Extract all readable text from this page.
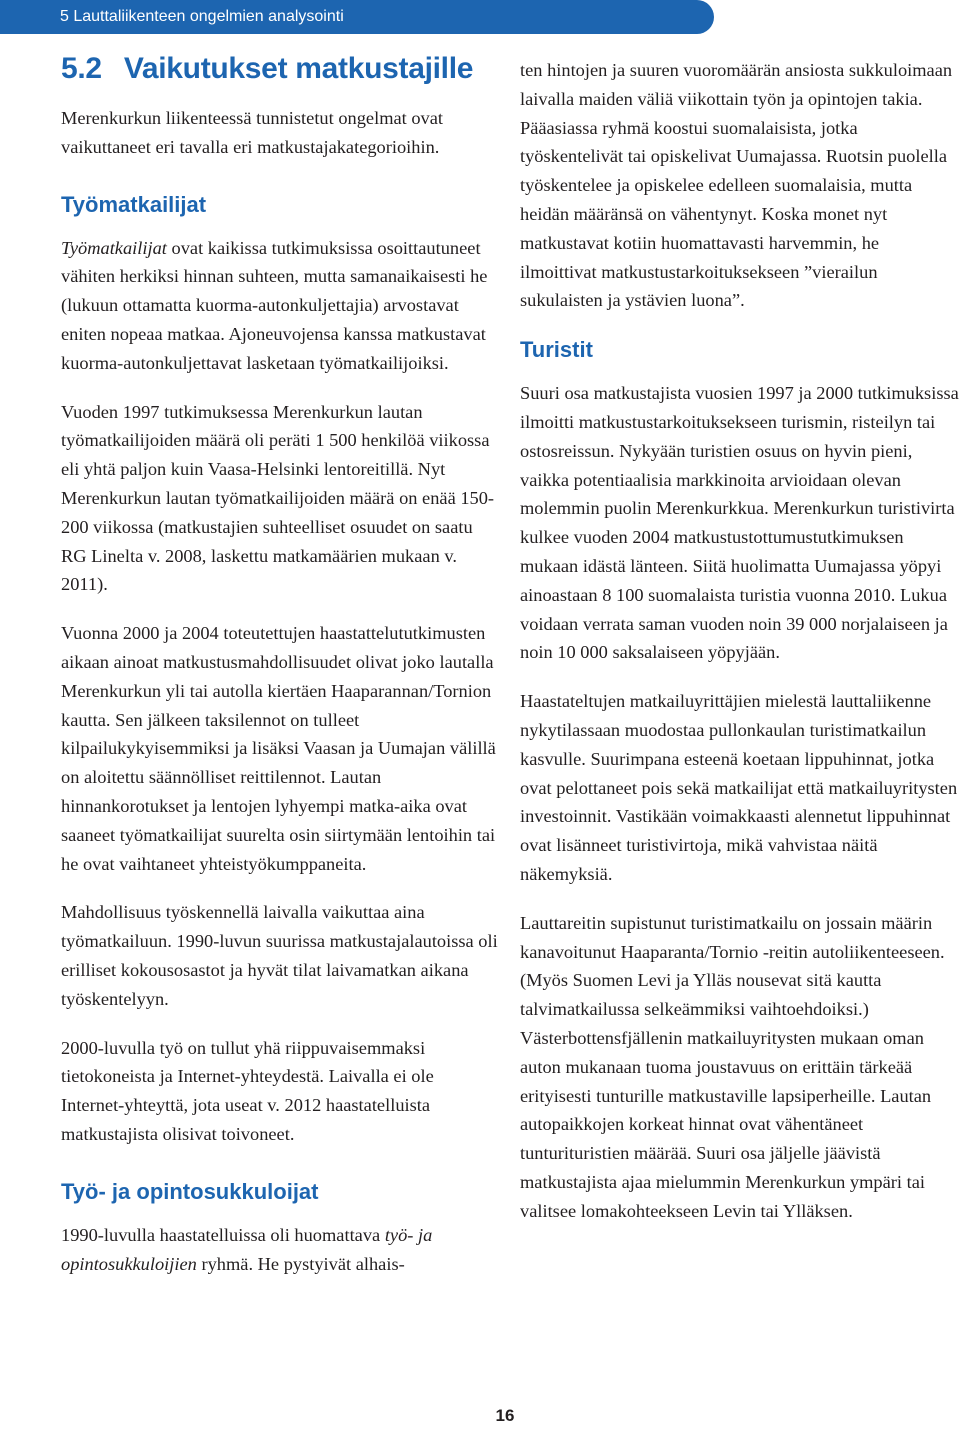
5 Lauttaliikenteen ongelmien analysointi
5.2 Vaikutukset matkustajille

Merenkurkun liikenteessä tunnistetut ongelmat ovat vaikuttaneet eri tavalla eri matkustajakategorioihin.

Työmatkailijat

Työmatkailijat ovat kaikissa tutkimuksissa osoittautuneet vähiten herkiksi hinnan suhteen, mutta samanaikaisesti he (lukuun ottamatta kuorma-autonkuljettajia) arvostavat eniten nopeaa matkaa. Ajoneuvojensa kanssa matkustavat kuorma-autonkuljettavat lasketaan työmatkailijoiksi.

Vuoden 1997 tutkimuksessa Merenkurkun lautan työmatkailijoiden määrä oli peräti 1 500 henkilöä viikossa eli yhtä paljon kuin Vaasa-Helsinki lentoreitillä. Nyt Merenkurkun lautan työmatkailijoiden määrä on enää 150-200 viikossa (matkustajien suhteelliset osuudet on saatu RG Linelta v. 2008, laskettu matkamäärien mukaan v. 2011).

Vuonna 2000 ja 2004 toteutettujen haastattelututkimusten aikaan ainoat matkustusmahdollisuudet olivat joko lautalla Merenkurkun yli tai autolla kiertäen Haaparannan/Tornion kautta. Sen jälkeen taksilennot on tulleet kilpailukykyisemmiksi ja lisäksi Vaasan ja Uumajan välillä on aloitettu säännölliset reittilennot. Lautan hinnankorotukset ja lentojen lyhyempi matka-aika ovat saaneet työmatkailijat suurelta osin siirtymään lentoihin tai he ovat vaihtaneet yhteistyökumppaneita.

Mahdollisuus työskennellä laivalla vaikuttaa aina työmatkailuun. 1990-luvun suurissa matkustajalautoissa oli erilliset kokousosastot ja hyvät tilat laivamatkan aikana työskentelyyn.

2000-luvulla työ on tullut yhä riippuvaisemmaksi tietokoneista ja Internet-yhteydestä. Laivalla ei ole Internet-yhteyttä, jota useat v. 2012 haastatelluista matkustajista olisivat toivoneet.

Työ- ja opintosukkuloijat

1990-luvulla haastatelluissa oli huomattava työ- ja opintosukkuloijien ryhmä. He pystyivät alhais-

ten hintojen ja suuren vuoromäärän ansiosta sukkuloimaan laivalla maiden väliä viikottain työn ja opintojen takia. Pääasiassa ryhmä koostui suomalaisista, jotka työskentelivät tai opiskelivat Uumajassa. Ruotsin puolella työskentelee ja opiskelee edelleen suomalaisia, mutta heidän määränsä on vähentynyt. Koska monet nyt matkustavat kotiin huomattavasti harvemmin, he ilmoittivat matkustustarkoituksekseen ”vierailun sukulaisten ja ystävien luona”.

Turistit

Suuri osa matkustajista vuosien 1997 ja 2000 tutkimuksissa ilmoitti matkustustarkoituksekseen turismin, risteilyn tai ostosreissun. Nykyään turistien osuus on hyvin pieni, vaikka potentiaalisia markkinoita arvioidaan olevan molemmin puolin Merenkurkkua. Merenkurkun turistivirta kulkee vuoden 2004 matkustustottumustutkimuksen mukaan idästä länteen. Siitä huolimatta Uumajassa yöpyi ainoastaan 8 100 suomalaista turistia vuonna 2010. Lukua voidaan verrata saman vuoden noin 39 000 norjalaiseen ja noin 10 000 saksalaiseen yöpyjään.

Haastateltujen matkailuyrittäjien mielestä lauttaliikenne nykytilassaan muodostaa pullonkaulan turistimatkailun kasvulle. Suurimpana esteenä koetaan lippuhinnat, jotka ovat pelottaneet pois sekä matkailijat että matkailuyritysten investoinnit. Vastikään voimakkaasti alennetut lippuhinnat ovat lisänneet turistivirtoja, mikä vahvistaa näitä näkemyksiä.

Lauttareitin supistunut turistimatkailu on jossain määrin kanavoitunut Haaparanta/Tornio -reitin autoliikenteeseen. (Myös Suomen Levi ja Ylläs nousevat sitä kautta talvimatkailussa selkeämmiksi vaihtoehdoiksi.) Västerbottensfjällenin matkailuyritysten mukaan oman auton mukanaan tuoma joustavuus on erittäin tärkeää erityisesti tunturille matkustaville lapsiperheille. Lautan autopaikkojen korkeat hinnat ovat vähentäneet tunturituristien määrää. Suuri osa jäljelle jäävistä matkustajista ajaa mielummin Merenkurkun ympäri tai valitsee lomakohteekseen Levin tai Ylläksen.

16
